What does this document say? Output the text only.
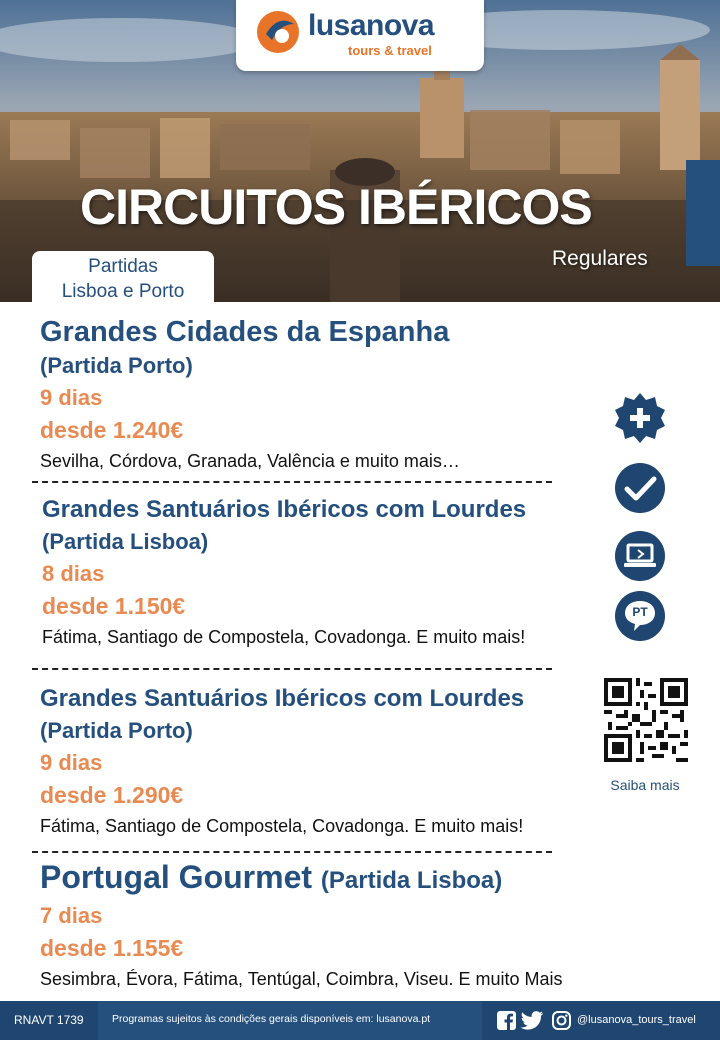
lusanova
tours & travel
CIRCUITOS IBÉRICOS
Regulares
Partidas
Lisboa e Porto
Grandes Cidades da Espanha
(Partida Porto)
9 dias
desde 1.240€
Sevilha, Córdova, Granada, Valência e muito mais…
Grandes Santuários Ibéricos com Lourdes
(Partida Lisboa)
8 dias
desde 1.150€
Fátima, Santiago de Compostela, Covadonga. E muito mais!
Grandes Santuários Ibéricos com Lourdes
(Partida Porto)
9 dias
desde 1.290€
Fátima, Santiago de Compostela, Covadonga. E muito mais!
Portugal Gourmet (Partida Lisboa)
7 dias
desde 1.155€
Sesimbra, Évora, Fátima, Tentúgal, Coimbra, Viseu. E muito Mais
PT
Saiba mais
RNAVT 1739	Programas sujeitos às condições gerais disponíveis em: lusanova.pt	@lusanova_tours_travel
